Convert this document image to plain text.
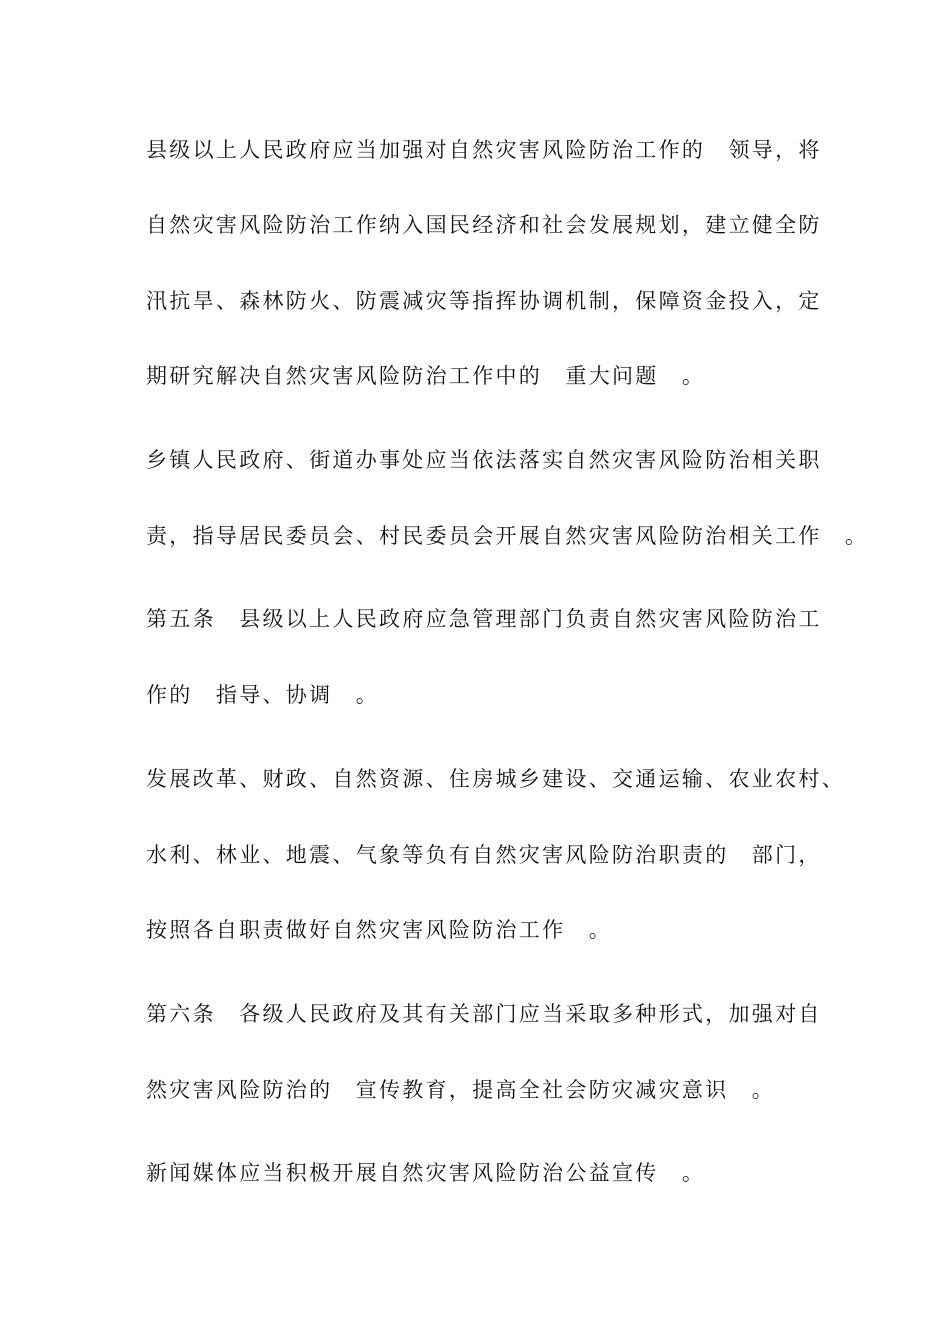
县级以上人民政府应当加强对自然灾害风险防治工作的　领导，将
自然灾害风险防治工作纳入国民经济和社会发展规划，建立健全防
汛抗旱、森林防火、防震减灾等指挥协调机制，保障资金投入，定
期研究解决自然灾害风险防治工作中的　重大问题　。
乡镇人民政府、街道办事处应当依法落实自然灾害风险防治相关职
责，指导居民委员会、村民委员会开展自然灾害风险防治相关工作　。
第五条　县级以上人民政府应急管理部门负责自然灾害风险防治工
作的　指导、协调　。
发展改革、财政、自然资源、住房城乡建设、交通运输、农业农村、
水利、林业、地震、气象等负有自然灾害风险防治职责的　部门，
按照各自职责做好自然灾害风险防治工作　。
第六条　各级人民政府及其有关部门应当采取多种形式，加强对自
然灾害风险防治的　宣传教育，提高全社会防灾减灾意识　。
新闻媒体应当积极开展自然灾害风险防治公益宣传　。
